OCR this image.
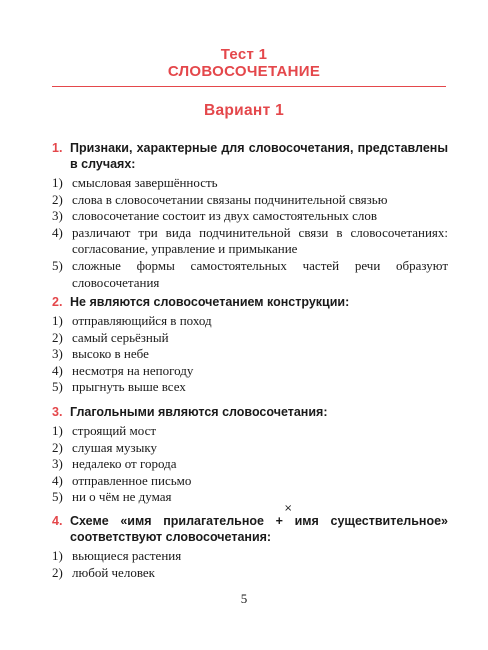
Тест 1
СЛОВОСОЧЕТАНИЕ
Вариант 1
1. Признаки, характерные для словосочетания, представлены в случаях:
1) смысловая завершённость
2) слова в словосочетании связаны подчинительной связью
3) словосочетание состоит из двух самостоятельных слов
4) различают три вида подчинительной связи в словосочетаниях: согласование, управление и примыкание
5) сложные формы самостоятельных частей речи образуют словосочетания
2. Не являются словосочетанием конструкции:
1) отправляющийся в поход
2) самый серьёзный
3) высоко в небе
4) несмотря на непогоду
5) прыгнуть выше всех
3. Глагольными являются словосочетания:
1) строящий мост
2) слушая музыку
3) недалеко от города
4) отправленное письмо
5) ни о чём не думая
×
4. Схеме «имя прилагательное + имя существительное» соответствуют словосочетания:
1) вьющиеся растения
2) любой человек
5
